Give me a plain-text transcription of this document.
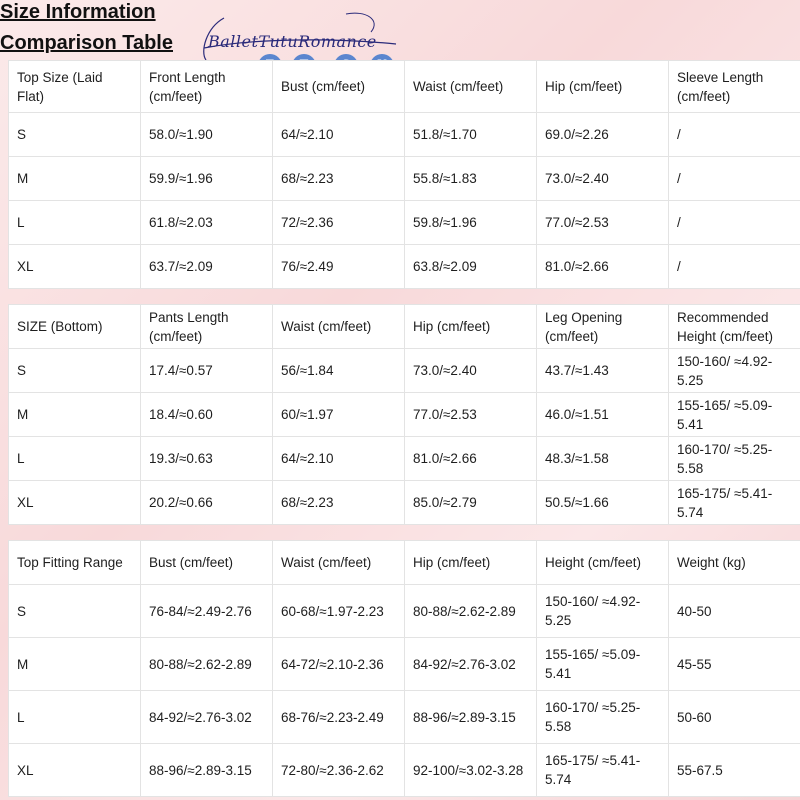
Size Information
Comparison Table BalletTutuRomance
Top Size (Laid Flat)	Front Length (cm/feet)	Bust (cm/feet)	Waist (cm/feet)	Hip (cm/feet)	Sleeve Length (cm/feet)
S	58.0/≈1.90	64/≈2.10	51.8/≈1.70	69.0/≈2.26	/
M	59.9/≈1.96	68/≈2.23	55.8/≈1.83	73.0/≈2.40	/
L	61.8/≈2.03	72/≈2.36	59.8/≈1.96	77.0/≈2.53	/
XL	63.7/≈2.09	76/≈2.49	63.8/≈2.09	81.0/≈2.66	/
SIZE (Bottom)	Pants Length (cm/feet)	Waist (cm/feet)	Hip (cm/feet)	Leg Opening (cm/feet)	Recommended Height (cm/feet)
S	17.4/≈0.57	56/≈1.84	73.0/≈2.40	43.7/≈1.43	150-160/ ≈4.92-5.25
M	18.4/≈0.60	60/≈1.97	77.0/≈2.53	46.0/≈1.51	155-165/ ≈5.09-5.41
L	19.3/≈0.63	64/≈2.10	81.0/≈2.66	48.3/≈1.58	160-170/ ≈5.25-5.58
XL	20.2/≈0.66	68/≈2.23	85.0/≈2.79	50.5/≈1.66	165-175/ ≈5.41-5.74
Top Fitting Range	Bust (cm/feet)	Waist (cm/feet)	Hip (cm/feet)	Height (cm/feet)	Weight (kg)
S	76-84/≈2.49-2.76	60-68/≈1.97-2.23	80-88/≈2.62-2.89	150-160/ ≈4.92-5.25	40-50
M	80-88/≈2.62-2.89	64-72/≈2.10-2.36	84-92/≈2.76-3.02	155-165/ ≈5.09-5.41	45-55
L	84-92/≈2.76-3.02	68-76/≈2.23-2.49	88-96/≈2.89-3.15	160-170/ ≈5.25-5.58	50-60
XL	88-96/≈2.89-3.15	72-80/≈2.36-2.62	92-100/≈3.02-3.28	165-175/ ≈5.41-5.74	55-67.5
